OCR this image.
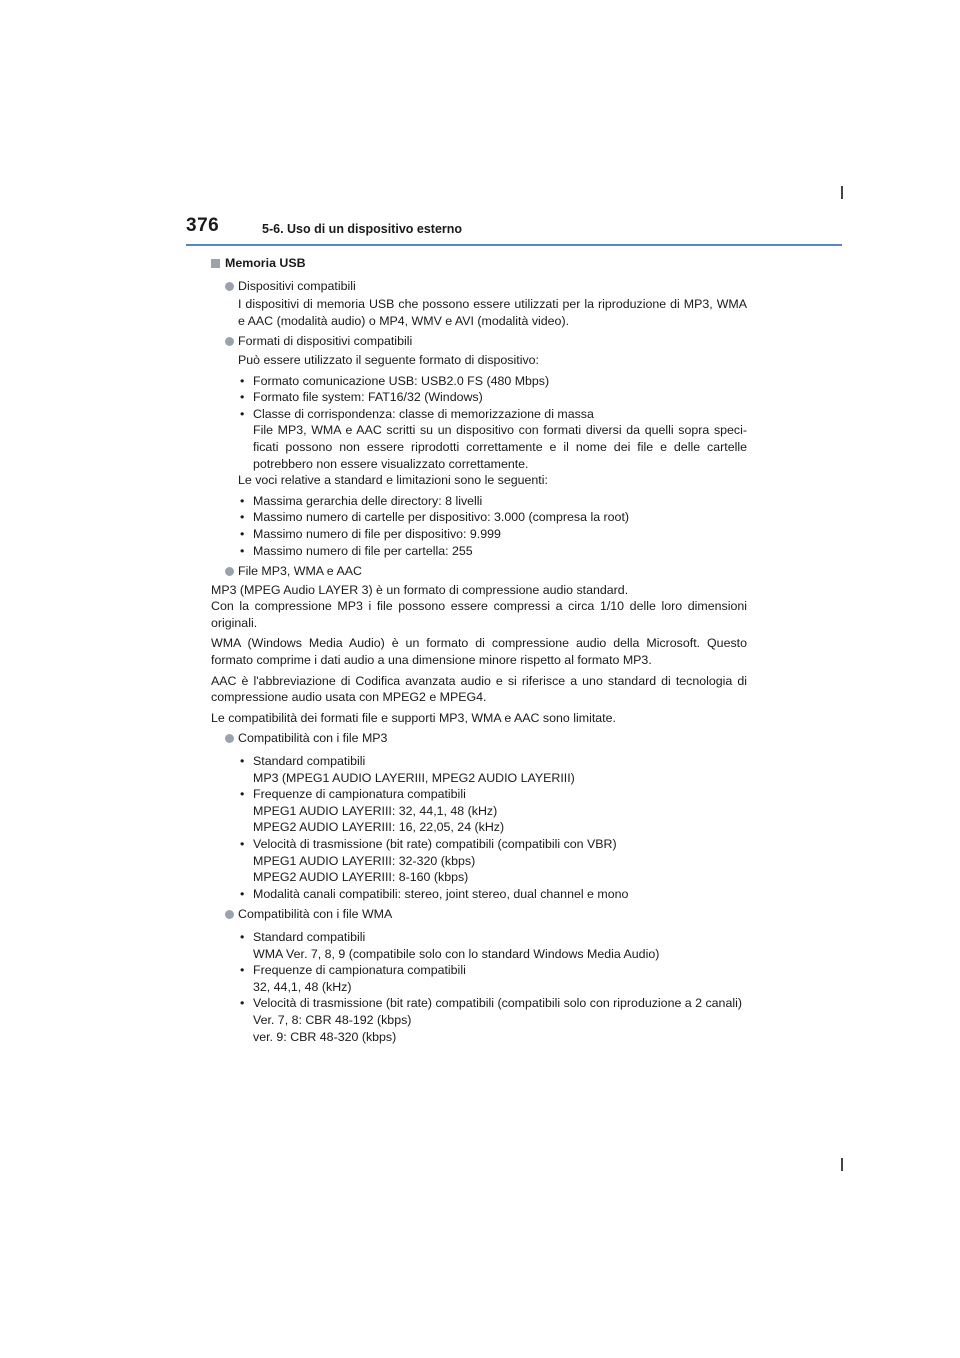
376	5-6. Uso di un dispositivo esterno
Memoria USB
Dispositivi compatibili

I dispositivi di memoria USB che possono essere utilizzati per la riproduzione di MP3, WMA e AAC (modalità audio) o MP4, WMV e AVI (modalità video).

Formati di dispositivi compatibili

Può essere utilizzato il seguente formato di dispositivo:

• Formato comunicazione USB: USB2.0 FS (480 Mbps)
• Formato file system: FAT16/32 (Windows)
• Classe di corrispondenza: classe di memorizzazione di massa
File MP3, WMA e AAC scritti su un dispositivo con formati diversi da quelli sopra speci-ficati possono non essere riprodotti correttamente e il nome dei file e delle cartelle potrebbero non essere visualizzato correttamente.

Le voci relative a standard e limitazioni sono le seguenti:

• Massima gerarchia delle directory: 8 livelli
• Massimo numero di cartelle per dispositivo: 3.000 (compresa la root)
• Massimo numero di file per dispositivo: 9.999
• Massimo numero di file per cartella: 255
File MP3, WMA e AAC

MP3 (MPEG Audio LAYER 3) è un formato di compressione audio standard.

Con la compressione MP3 i file possono essere compressi a circa 1/10 delle loro dimensioni originali.

WMA (Windows Media Audio) è un formato di compressione audio della Microsoft. Questo formato comprime i dati audio a una dimensione minore rispetto al formato MP3.

AAC è l'abbreviazione di Codifica avanzata audio e si riferisce a uno standard di tecnologia di compressione audio usata con MPEG2 e MPEG4.

Le compatibilità dei formati file e supporti MP3, WMA e AAC sono limitate.

Compatibilità con i file MP3
• Standard compatibili
MP3 (MPEG1 AUDIO LAYERIII, MPEG2 AUDIO LAYERIII)
• Frequenze di campionatura compatibili
MPEG1 AUDIO LAYERIII: 32, 44,1, 48 (kHz)
MPEG2 AUDIO LAYERIII: 16, 22,05, 24 (kHz)
• Velocità di trasmissione (bit rate) compatibili (compatibili con VBR)
MPEG1 AUDIO LAYERIII: 32-320 (kbps)
MPEG2 AUDIO LAYERIII: 8-160 (kbps)
• Modalità canali compatibili: stereo, joint stereo, dual channel e mono
Compatibilità con i file WMA
• Standard compatibili
WMA Ver. 7, 8, 9 (compatibile solo con lo standard Windows Media Audio)
• Frequenze di campionatura compatibili
32, 44,1, 48 (kHz)
• Velocità di trasmissione (bit rate) compatibili (compatibili solo con riproduzione a 2 canali)
Ver. 7, 8: CBR 48-192 (kbps)
ver. 9: CBR 48-320 (kbps)
